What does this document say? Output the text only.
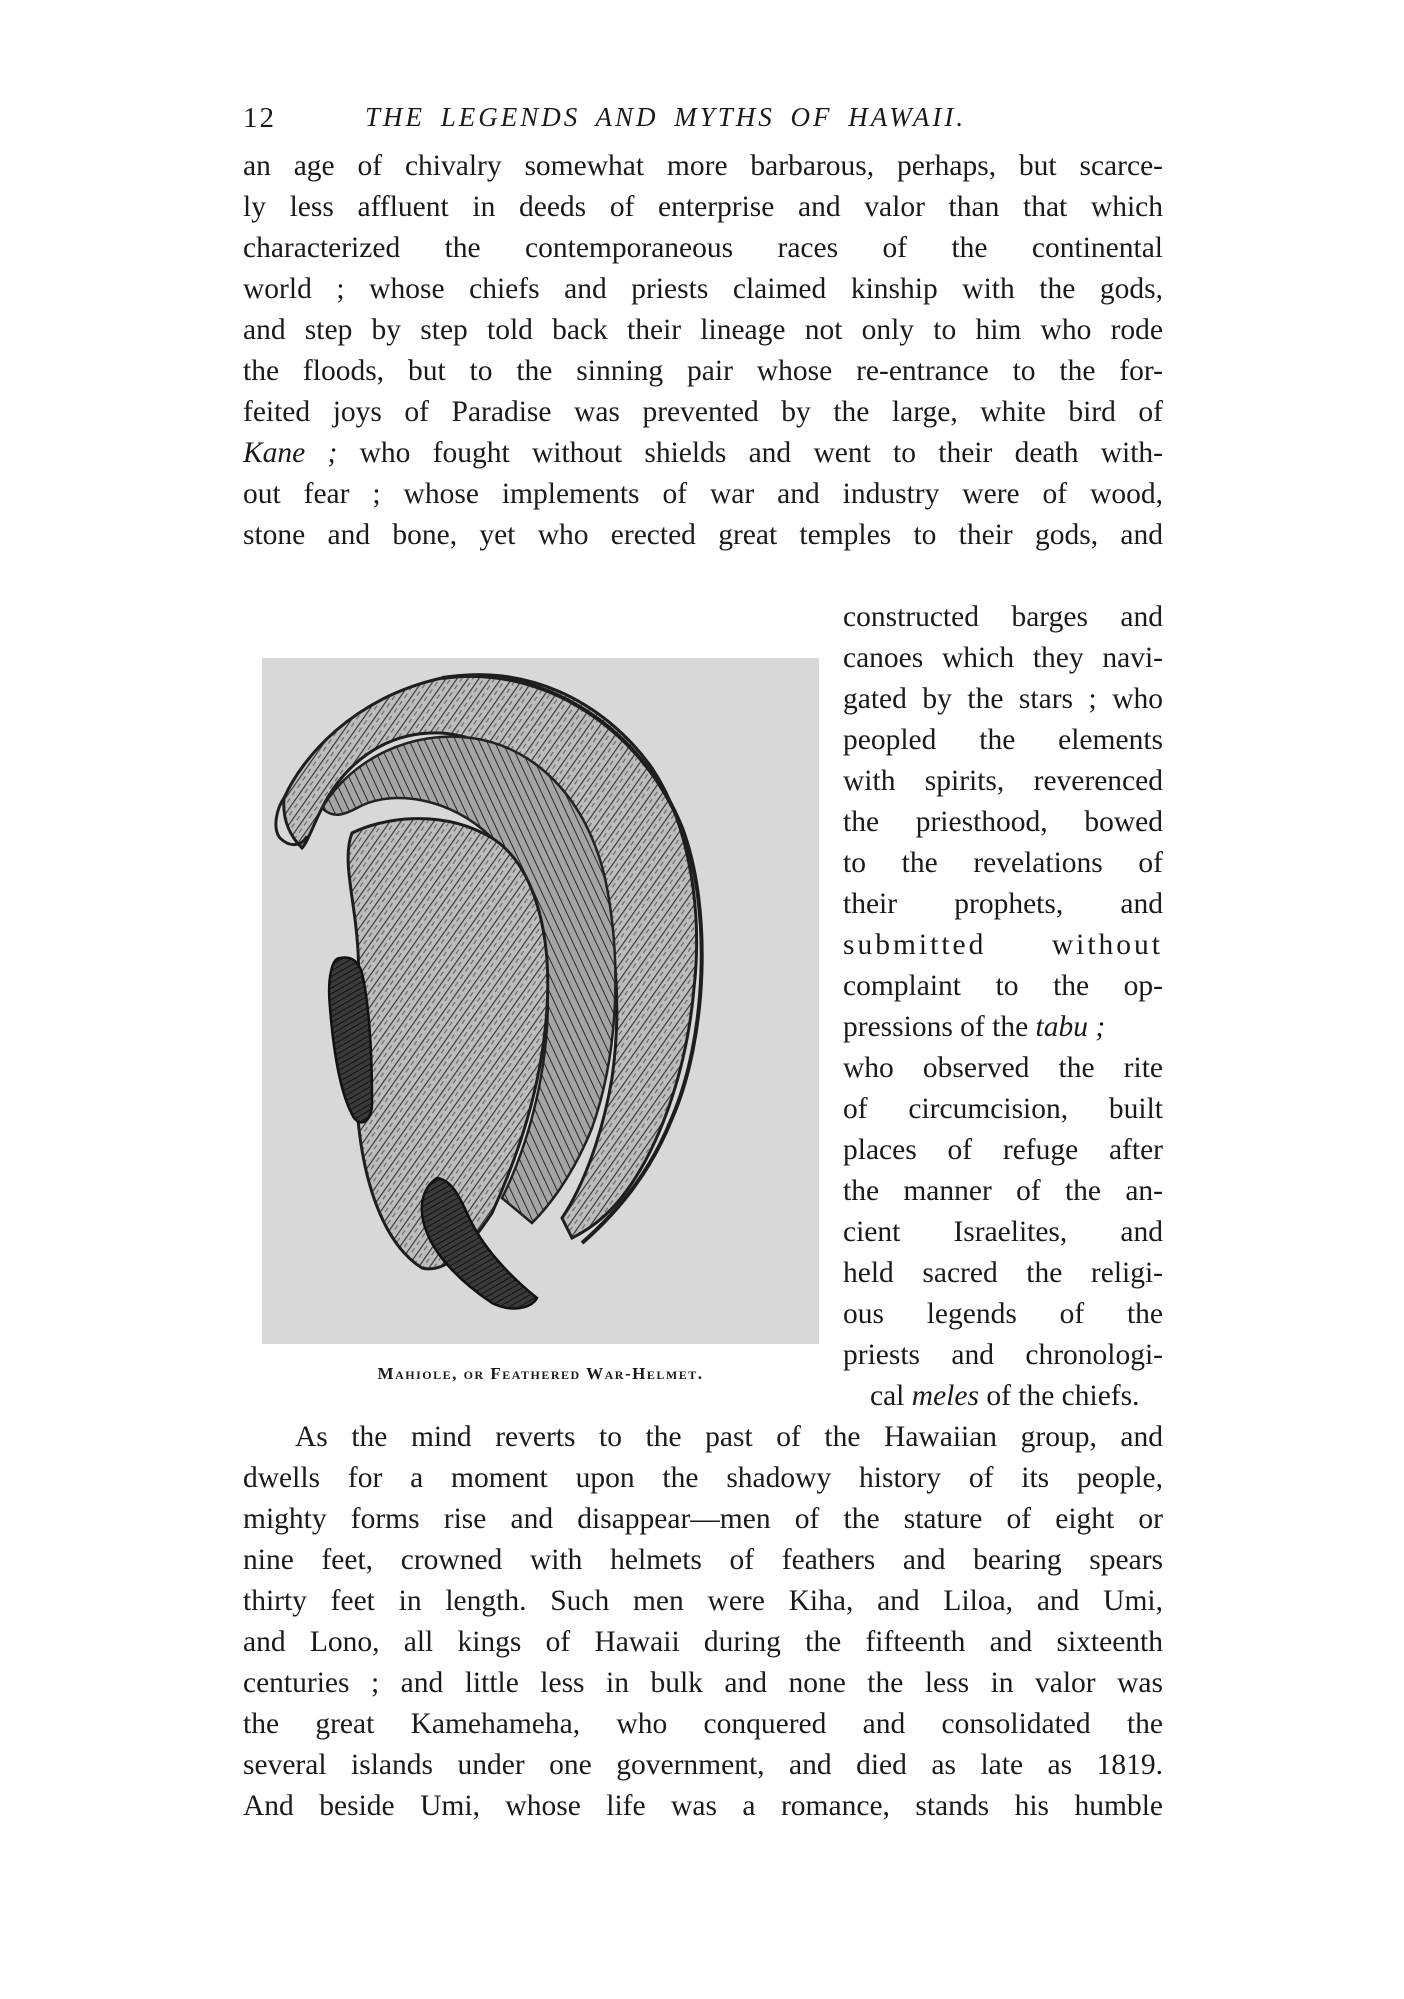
12	THE LEGENDS AND MYTHS OF HAWAII.
an age of chivalry somewhat more barbarous, perhaps, but scarce-
ly less affluent in deeds of enterprise and valor than that which
characterized the contemporaneous races of the continental
world ; whose chiefs and priests claimed kinship with the gods,
and step by step told back their lineage not only to him who rode
the floods, but to the sinning pair whose re-entrance to the for-
feited joys of Paradise was prevented by the large, white bird of
Kane ; who fought without shields and went to their death with-
out fear ; whose implements of war and industry were of wood,
stone and bone, yet who erected great temples to their gods, and
Mahiole, or Feathered War-Helmet.
constructed barges and
canoes which they navi-
gated by the stars ; who
peopled the elements
with spirits, reverenced
the priesthood, bowed
to the revelations of
their prophets, and
submitted without
complaint to the op-
pressions of the tabu ;
who observed the rite
of circumcision, built
places of refuge after
the manner of the an-
cient Israelites, and
held sacred the religi-
ous legends of the
priests and chronologi-
cal meles of the chiefs.
As the mind reverts to the past of the Hawaiian group, and
dwells for a moment upon the shadowy history of its people,
mighty forms rise and disappear—men of the stature of eight or
nine feet, crowned with helmets of feathers and bearing spears
thirty feet in length. Such men were Kiha, and Liloa, and Umi,
and Lono, all kings of Hawaii during the fifteenth and sixteenth
centuries ; and little less in bulk and none the less in valor was
the great Kamehameha, who conquered and consolidated the
several islands under one government, and died as late as 1819.
And beside Umi, whose life was a romance, stands his humble
